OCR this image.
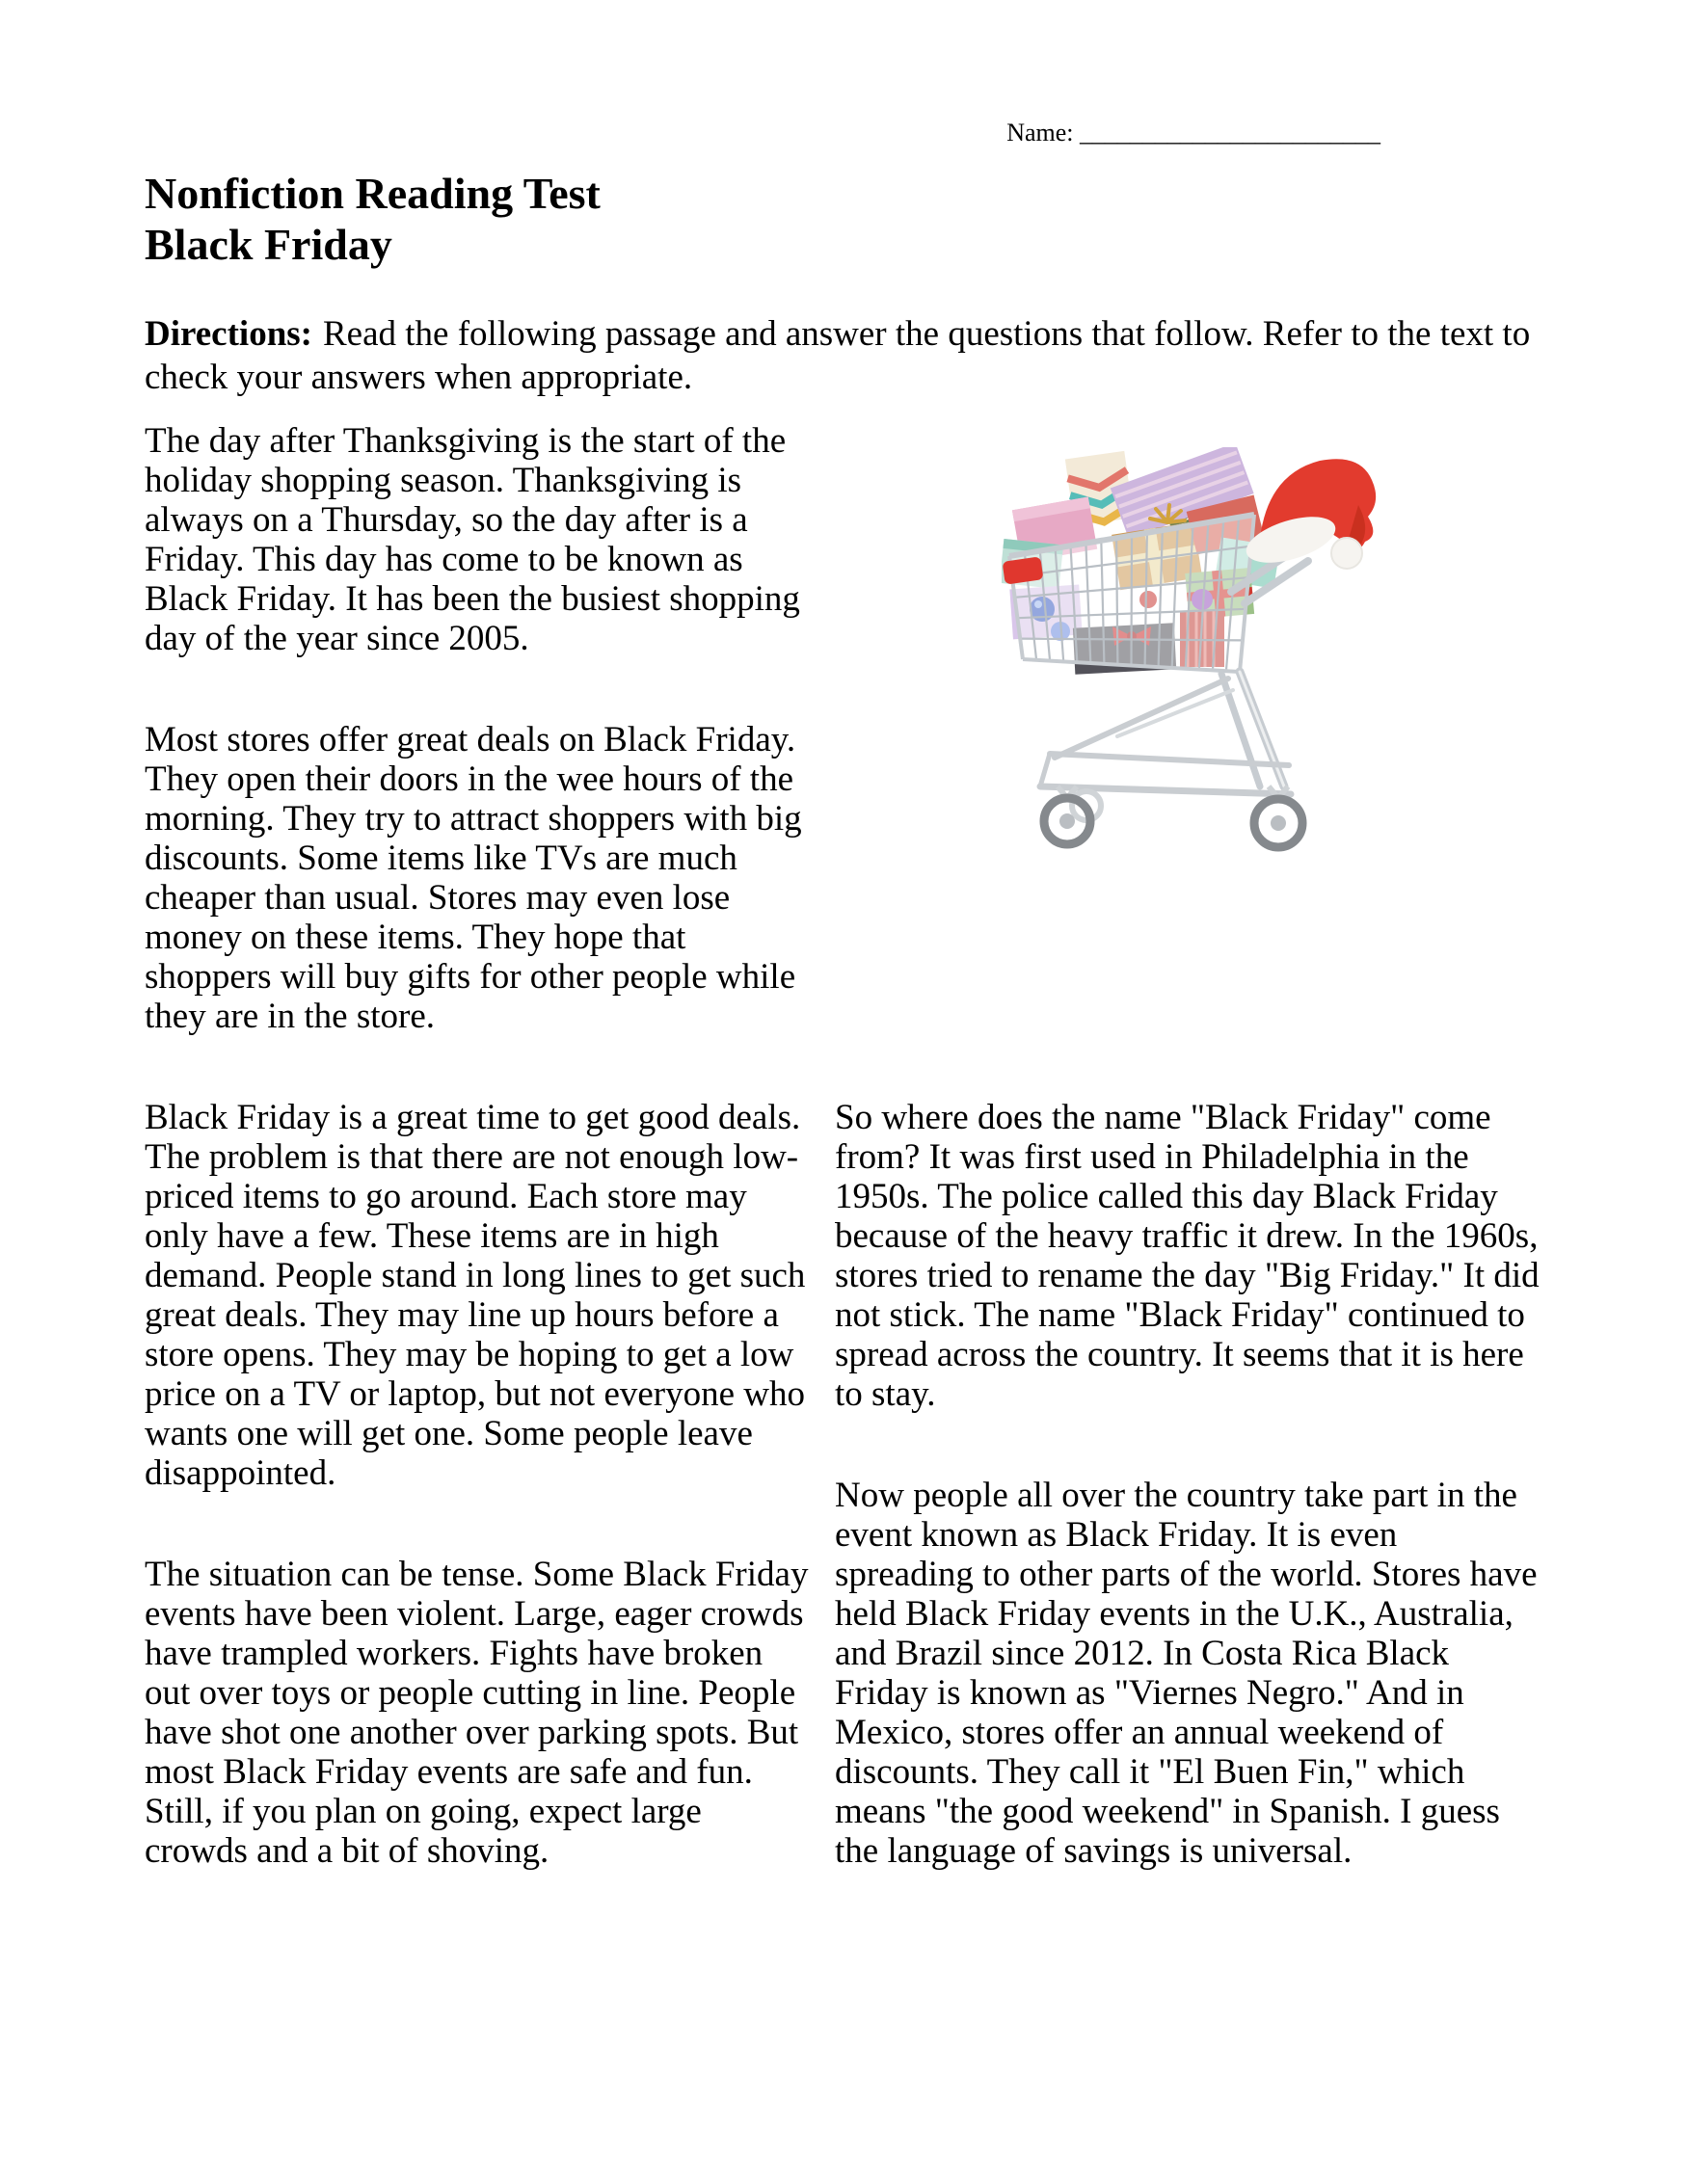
Name: ________________________
Nonfiction Reading Test
Black Friday

Directions: Read the following passage and answer the questions that follow. Refer to the text to check your answers when appropriate.

The day after Thanksgiving is the start of the holiday shopping season. Thanksgiving is always on a Thursday, so the day after is a Friday. This day has come to be known as Black Friday. It has been the busiest shopping day of the year since 2005.

Most stores offer great deals on Black Friday. They open their doors in the wee hours of the morning. They try to attract shoppers with big discounts. Some items like TVs are much cheaper than usual. Stores may even lose money on these items. They hope that shoppers will buy gifts for other people while they are in the store.

Black Friday is a great time to get good deals. The problem is that there are not enough low-priced items to go around. Each store may only have a few. These items are in high demand. People stand in long lines to get such great deals. They may line up hours before a store opens. They may be hoping to get a low price on a TV or laptop, but not everyone who wants one will get one. Some people leave disappointed.

The situation can be tense. Some Black Friday events have been violent. Large, eager crowds have trampled workers. Fights have broken out over toys or people cutting in line. People have shot one another over parking spots. But most Black Friday events are safe and fun. Still, if you plan on going, expect large crowds and a bit of shoving.

So where does the name "Black Friday" come from? It was first used in Philadelphia in the 1950s. The police called this day Black Friday because of the heavy traffic it drew. In the 1960s, stores tried to rename the day "Big Friday." It did not stick. The name "Black Friday" continued to spread across the country. It seems that it is here to stay.

Now people all over the country take part in the event known as Black Friday. It is even spreading to other parts of the world. Stores have held Black Friday events in the U.K., Australia, and Brazil since 2012. In Costa Rica Black Friday is known as "Viernes Negro." And in Mexico, stores offer an annual weekend of discounts. They call it "El Buen Fin," which means "the good weekend" in Spanish. I guess the language of savings is universal.
